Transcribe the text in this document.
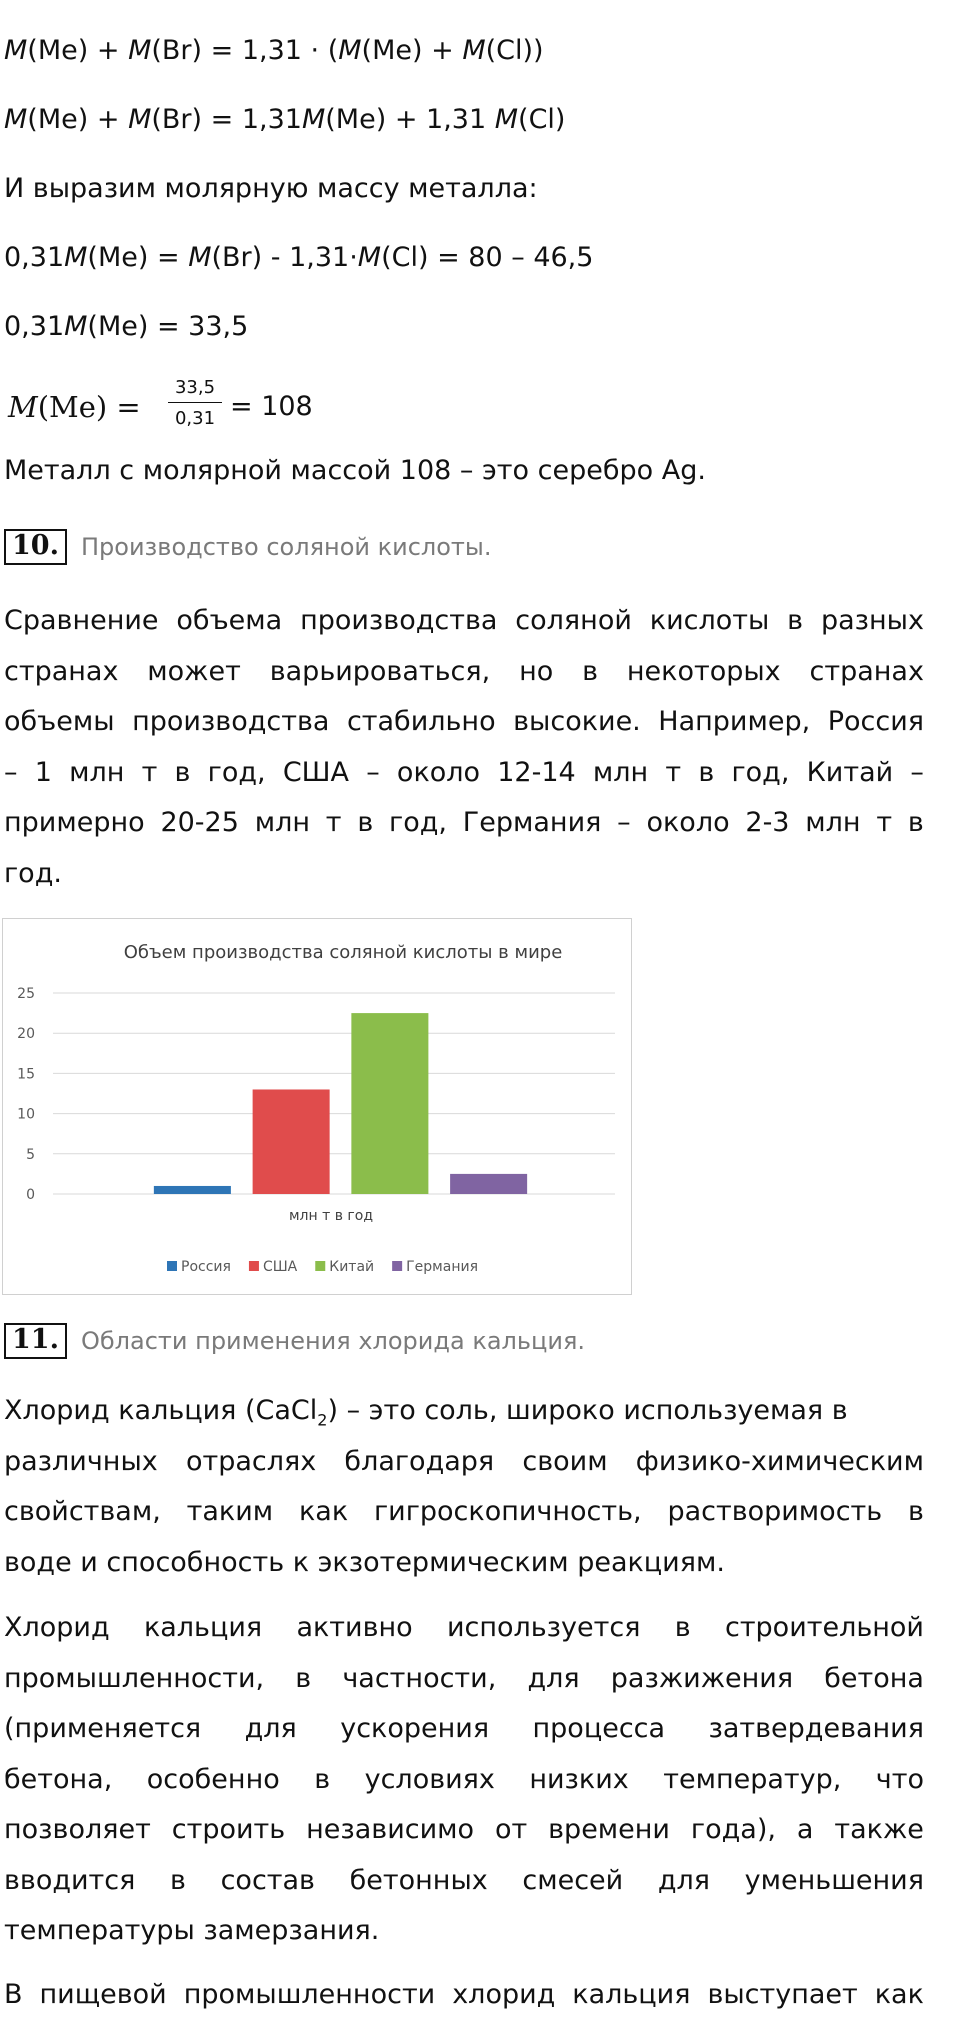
M(Me) + M(Br) = 1,31 · (M(Me) + M(Cl))
M(Me) + M(Br) = 1,31M(Me) + 1,31 M(Cl)
И выразим молярную массу металла:
0,31M(Me) = M(Br) - 1,31·M(Cl) = 80 – 46,5
0,31M(Me) = 33,5
$M(Me) = \frac{33,5}{0,31} = 108$
Металл с молярной массой 108 – это серебро Ag.
10. Производство соляной кислоты.
Сравнение объема производства соляной кислоты в разных
странах может варьироваться, но в некоторых странах
объемы производства стабильно высокие. Например, Россия
– 1 млн т в год, США – около 12-14 млн т в год, Китай –
примерно 20-25 млн т в год, Германия – около 2-3 млн т в
год.
Объем производства соляной кислоты в мире
0
5
10
15
20
25
млн т в год
Россия США Китай Германия
11. Области применения хлорида кальция.
Хлорид кальция (CaCl$_2$) – это соль, широко используемая в
различных отраслях благодаря своим физико-химическим
свойствам, таким как гигроскопичность, растворимость в
воде и способность к экзотермическим реакциям.
Хлорид кальция активно используется в строительной
промышленности, в частности, для разжижения бетона
(применяется для ускорения процесса затвердевания
бетона, особенно в условиях низких температур, что
позволяет строить независимо от времени года), а также
вводится в состав бетонных смесей для уменьшения
температуры замерзания.
В пищевой промышленности хлорид кальция выступает как
